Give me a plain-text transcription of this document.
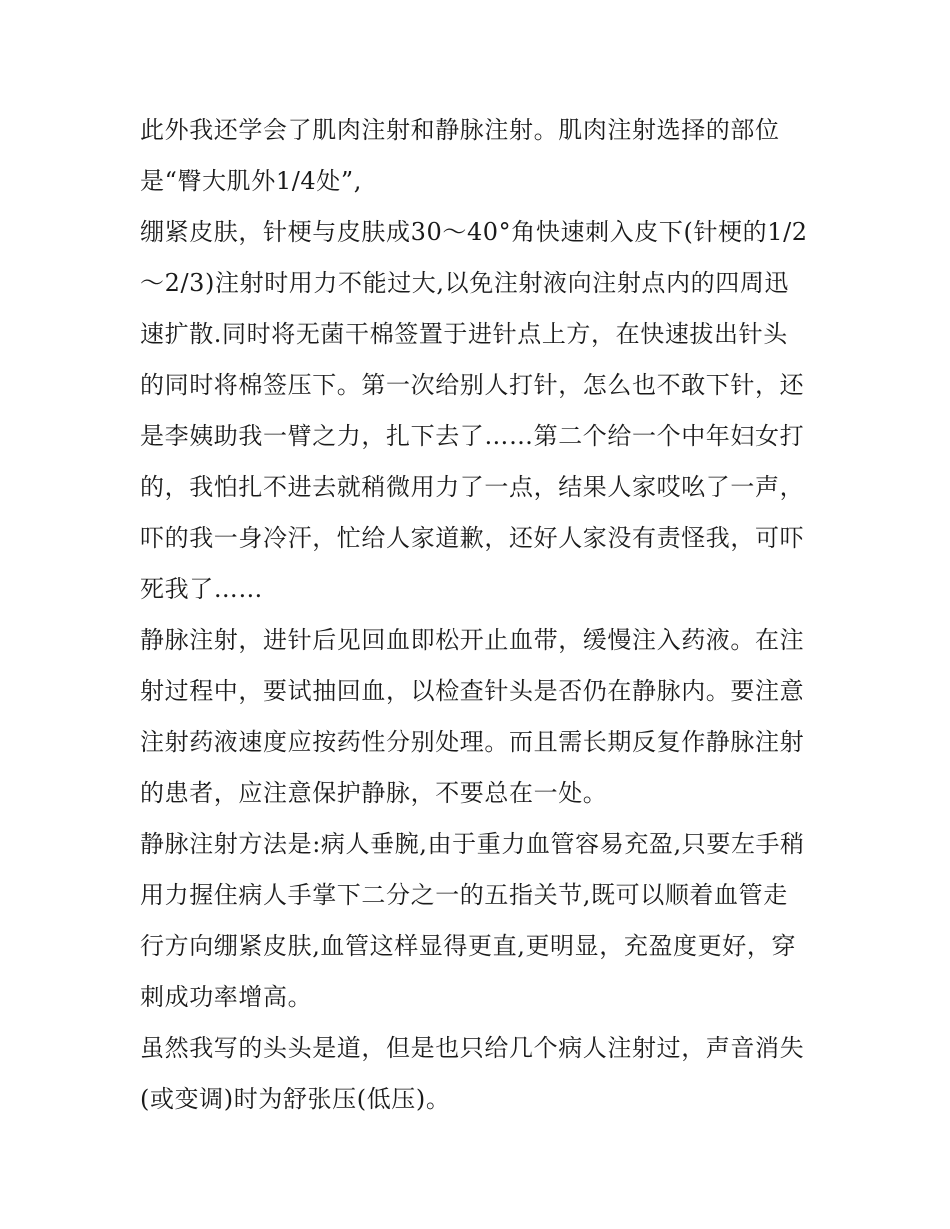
此外我还学会了肌肉注射和静脉注射。肌肉注射选择的部位
是“臀大肌外1/4处”,

绷紧皮肤，针梗与皮肤成30～40°角快速刺入皮下(针梗的1/2
～2/3)注射时用力不能过大,以免注射液向注射点内的四周迅
速扩散.同时将无菌干棉签置于进针点上方，在快速拔出针头
的同时将棉签压下。第一次给别人打针，怎么也不敢下针，还
是李姨助我一臂之力，扎下去了……第二个给一个中年妇女打
的，我怕扎不进去就稍微用力了一点，结果人家哎吆了一声，
吓的我一身冷汗，忙给人家道歉，还好人家没有责怪我，可吓
死我了……

静脉注射，进针后见回血即松开止血带，缓慢注入药液。在注
射过程中，要试抽回血，以检查针头是否仍在静脉内。要注意
注射药液速度应按药性分别处理。而且需长期反复作静脉注射
的患者，应注意保护静脉，不要总在一处。

静脉注射方法是:病人垂腕,由于重力血管容易充盈,只要左手稍
用力握住病人手掌下二分之一的五指关节,既可以顺着血管走
行方向绷紧皮肤,血管这样显得更直,更明显，充盈度更好，穿
刺成功率增高。

虽然我写的头头是道，但是也只给几个病人注射过，声音消失
(或变调)时为舒张压(低压)。
